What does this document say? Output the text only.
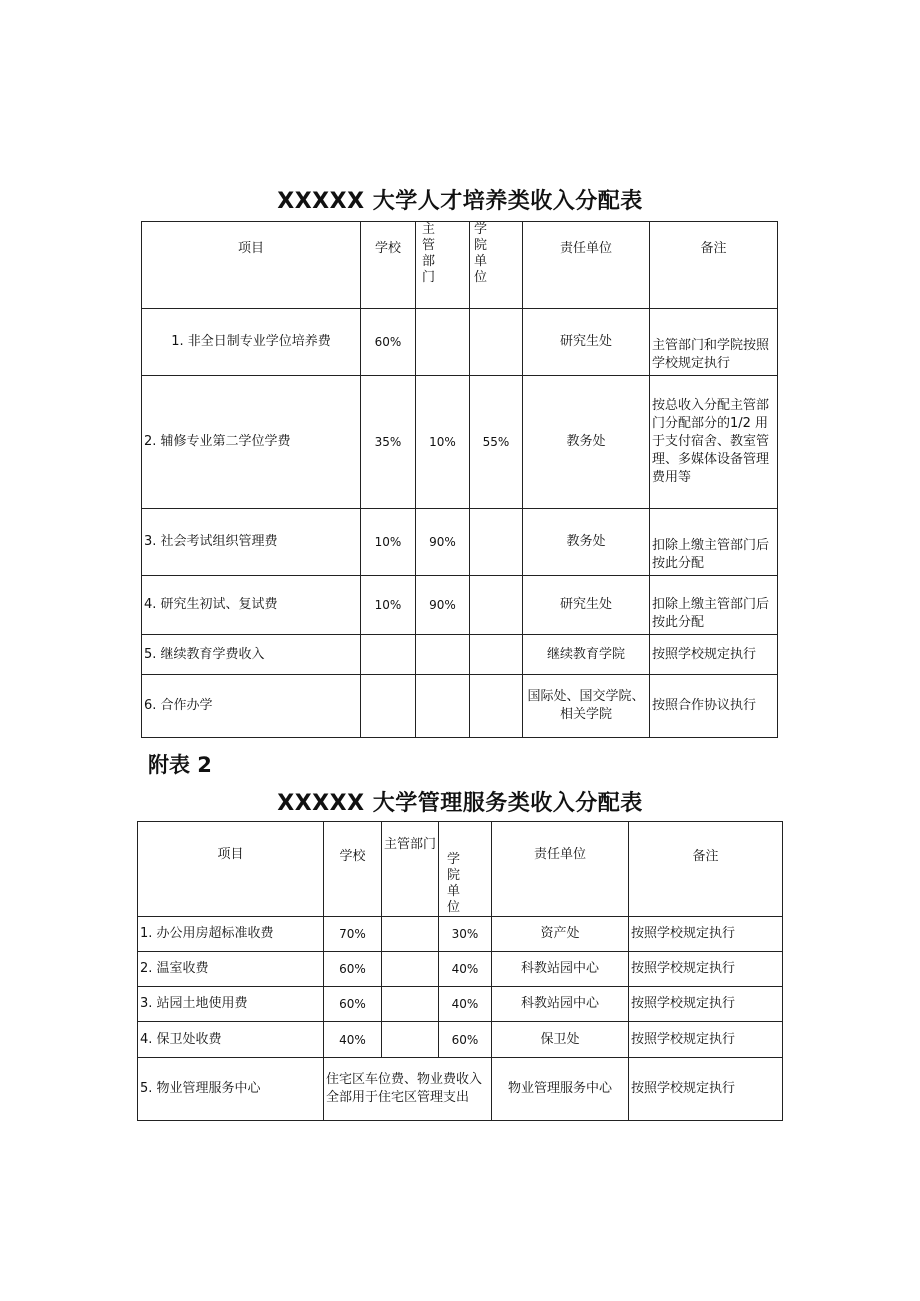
XXXXX 大学人才培养类收入分配表
项目	学校	主管部门	学院单位	责任单位	备注
1. 非全日制专业学位培养费	60%			研究生处	主管部门和学院按照学校规定执行
2. 辅修专业第二学位学费	35%	10%	55%	教务处	按总收入分配主管部门分配部分的1/2 用于支付宿舍、教室管理、多媒体设备管理费用等
3. 社会考试组织管理费	10%	90%		教务处	扣除上缴主管部门后按此分配
4. 研究生初试、复试费	10%	90%		研究生处	扣除上缴主管部门后按此分配
5. 继续教育学费收入				继续教育学院	按照学校规定执行
6. 合作办学				国际处、国交学院、相关学院	按照合作协议执行
附表 2
XXXXX 大学管理服务类收入分配表
项目	学校	主管部门	学院单位	责任单位	备注
1. 办公用房超标准收费	70%		30%	资产处	按照学校规定执行
2. 温室收费	60%		40%	科教站园中心	按照学校规定执行
3. 站园土地使用费	60%		40%	科教站园中心	按照学校规定执行
4. 保卫处收费	40%		60%	保卫处	按照学校规定执行
5. 物业管理服务中心	住宅区车位费、物业费收入全部用于住宅区管理支出			物业管理服务中心	按照学校规定执行
